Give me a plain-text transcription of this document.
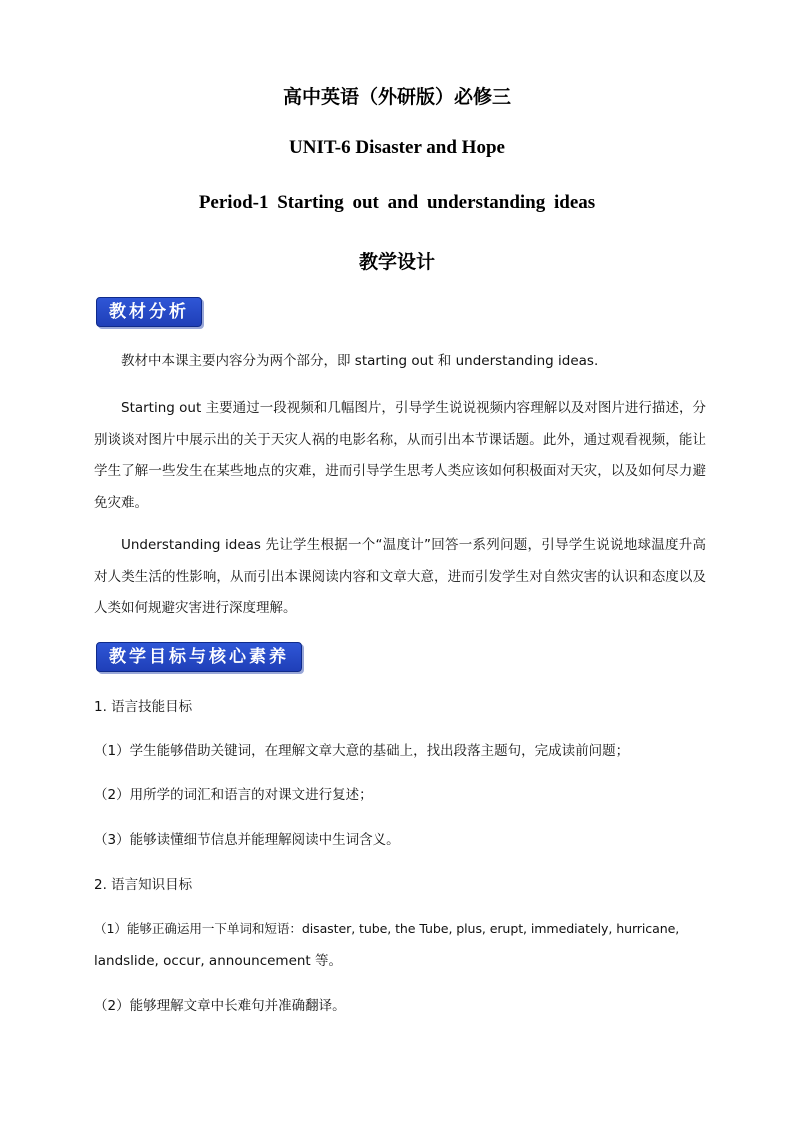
高中英语（外研版）必修三
UNIT-6 Disaster and Hope
Period-1 Starting out and understanding ideas
教学设计
教材分析
教材中本课主要内容分为两个部分，即 starting out 和 understanding ideas.
Starting out 主要通过一段视频和几幅图片，引导学生说说视频内容理解以及对图片进行描述，分别谈谈对图片中展示出的关于天灾人祸的电影名称，从而引出本节课话题。此外，通过观看视频，能让学生了解一些发生在某些地点的灾难，进而引导学生思考人类应该如何积极面对天灾，以及如何尽力避免灾难。
Understanding ideas 先让学生根据一个“温度计”回答一系列问题，引导学生说说地球温度升高对人类生活的性影响，从而引出本课阅读内容和文章大意，进而引发学生对自然灾害的认识和态度以及人类如何规避灾害进行深度理解。
教学目标与核心素养
1. 语言技能目标
（1）学生能够借助关键词，在理解文章大意的基础上，找出段落主题句，完成读前问题；
（2）用所学的词汇和语言的对课文进行复述；
（3）能够读懂细节信息并能理解阅读中生词含义。
2. 语言知识目标
（1）能够正确运用一下单词和短语：disaster, tube, the Tube, plus, erupt, immediately, hurricane,
landslide, occur, announcement 等。
（2）能够理解文章中长难句并准确翻译。
